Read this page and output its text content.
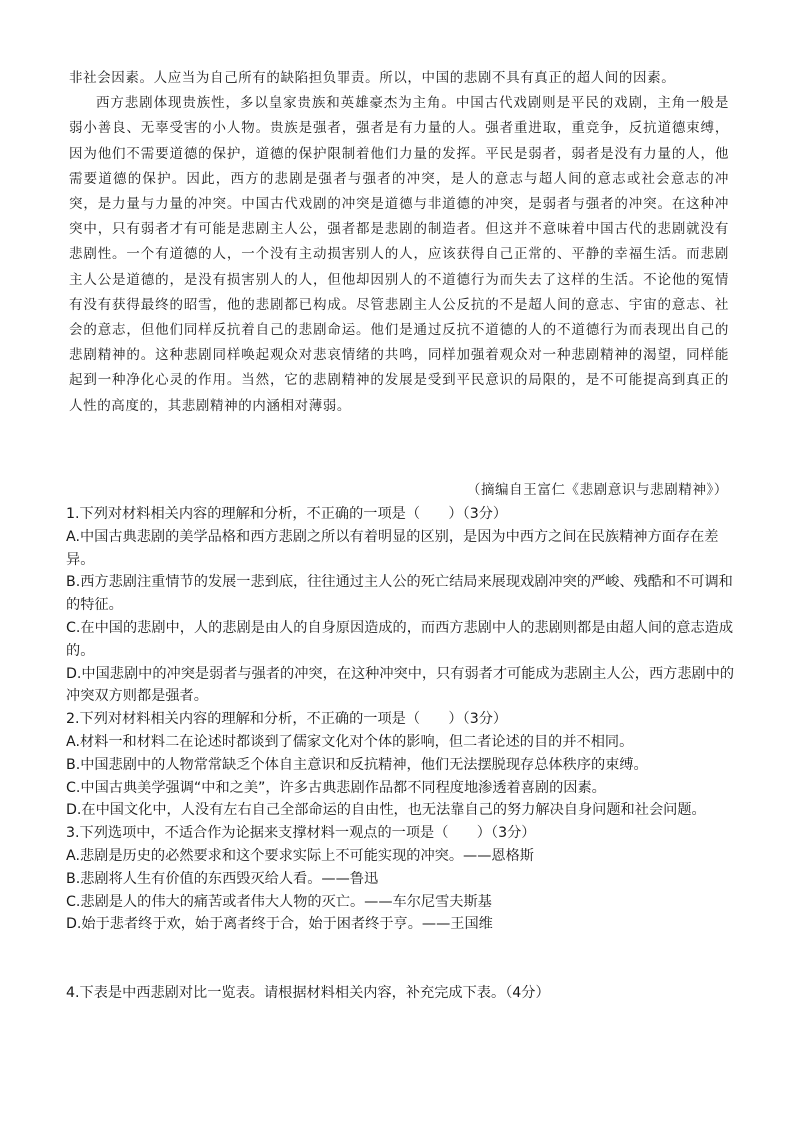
非社会因素。人应当为自己所有的缺陷担负罪责。所以，中国的悲剧不具有真正的超人间的因素。

西方悲剧体现贵族性，多以皇家贵族和英雄豪杰为主角。中国古代戏剧则是平民的戏剧，主角一般是弱小善良、无辜受害的小人物。贵族是强者，强者是有力量的人。强者重进取，重竞争，反抗道德束缚，因为他们不需要道德的保护，道德的保护限制着他们力量的发挥。平民是弱者，弱者是没有力量的人，他需要道德的保护。因此，西方的悲剧是强者与强者的冲突，是人的意志与超人间的意志或社会意志的冲突，是力量与力量的冲突。中国古代戏剧的冲突是道德与非道德的冲突，是弱者与强者的冲突。在这种冲突中，只有弱者才有可能是悲剧主人公，强者都是悲剧的制造者。但这并不意味着中国古代的悲剧就没有悲剧性。一个有道德的人，一个没有主动损害别人的人，应该获得自己正常的、平静的幸福生活。而悲剧主人公是道德的，是没有损害别人的人，但他却因别人的不道德行为而失去了这样的生活。不论他的冤情有没有获得最终的昭雪，他的悲剧都已构成。尽管悲剧主人公反抗的不是超人间的意志、宇宙的意志、社会的意志，但他们同样反抗着自己的悲剧命运。他们是通过反抗不道德的人的不道德行为而表现出自己的悲剧精神的。这种悲剧同样唤起观众对悲哀情绪的共鸣，同样加强着观众对一种悲剧精神的渴望，同样能起到一种净化心灵的作用。当然，它的悲剧精神的发展是受到平民意识的局限的，是不可能提高到真正的人性的高度的，其悲剧精神的内涵相对薄弱。

（摘编自王富仁《悲剧意识与悲剧精神》）

1.下列对材料相关内容的理解和分析，不正确的一项是（　　）（3分）

A.中国古典悲剧的美学品格和西方悲剧之所以有着明显的区别，是因为中西方之间在民族精神方面存在差异。

B.西方悲剧注重情节的发展一悲到底，往往通过主人公的死亡结局来展现戏剧冲突的严峻、残酷和不可调和的特征。

C.在中国的悲剧中，人的悲剧是由人的自身原因造成的，而西方悲剧中人的悲剧则都是由超人间的意志造成的。

D.中国悲剧中的冲突是弱者与强者的冲突，在这种冲突中，只有弱者才可能成为悲剧主人公，西方悲剧中的冲突双方则都是强者。

2.下列对材料相关内容的理解和分析，不正确的一项是（　　）（3分）

A.材料一和材料二在论述时都谈到了儒家文化对个体的影响，但二者论述的目的并不相同。

B.中国悲剧中的人物常常缺乏个体自主意识和反抗精神，他们无法摆脱现存总体秩序的束缚。

C.中国古典美学强调“中和之美”，许多古典悲剧作品都不同程度地渗透着喜剧的因素。

D.在中国文化中，人没有左右自己全部命运的自由性，也无法靠自己的努力解决自身问题和社会问题。

3.下列选项中，不适合作为论据来支撑材料一观点的一项是（　　）（3分）

A.悲剧是历史的必然要求和这个要求实际上不可能实现的冲突。——恩格斯

B.悲剧将人生有价值的东西毁灭给人看。——鲁迅

C.悲剧是人的伟大的痛苦或者伟大人物的灭亡。——车尔尼雪夫斯基

D.始于悲者终于欢，始于离者终于合，始于困者终于亨。——王国维

4.下表是中西悲剧对比一览表。请根据材料相关内容，补充完成下表。（4分）
